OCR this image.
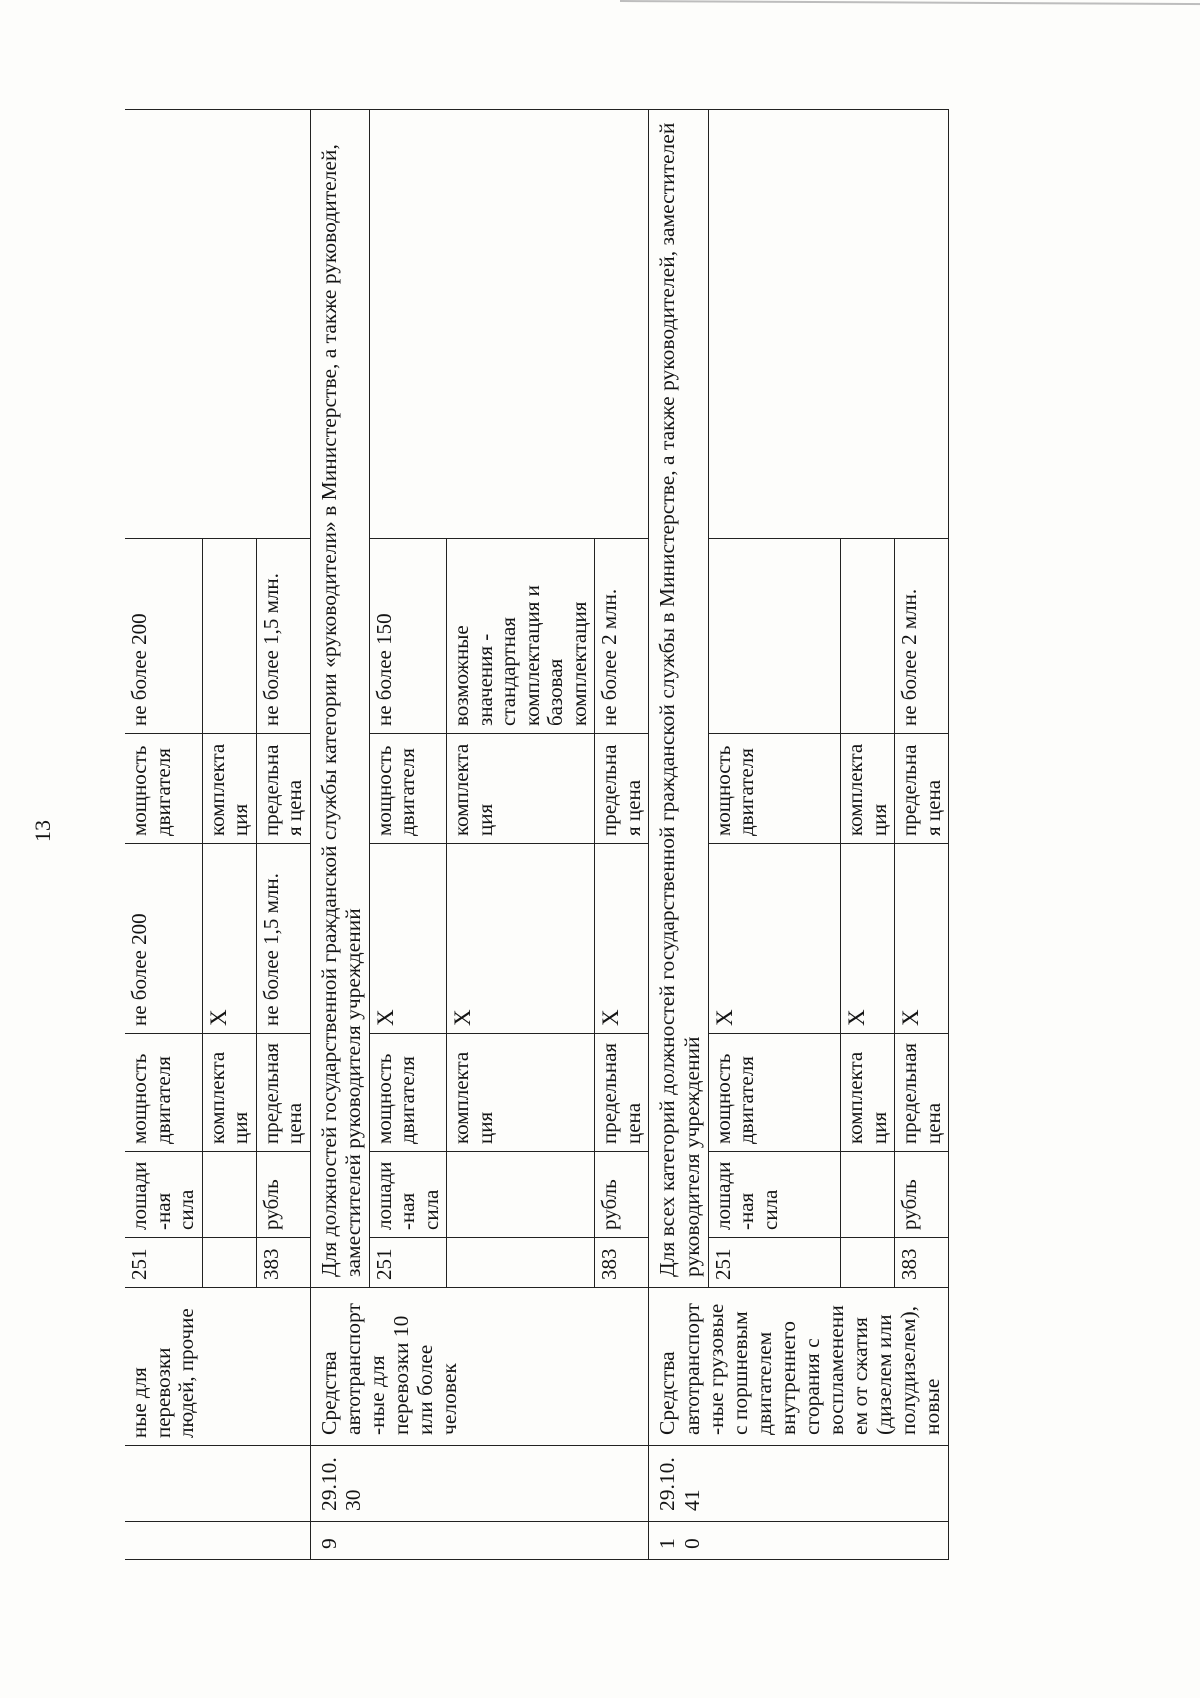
13
		ные для перевозки людей, прочие	251	лошади-ная сила	мощность двигателя	не более 200	мощность двигателя	не более 200	
					комплектация	X	комплектация		
			383	рубль	предельная цена	не более 1,5 млн.	предельная цена	не более 1,5 млн.	
9	29.10.30	Средства автотранспорт-ные для перевозки 10 или более человек	Для должностей государственной гражданской службы категории «руководители» в Министерстве, а также руководителей, заместителей руководителя учреждений						
			251	лошади-ная сила	мощность двигателя	X	мощность двигателя	не более 150	
					комплектация	X	комплектация	возможные значения - стандартная комплектация и базовая комплектация	
			383	рубль	предельная цена	X	предельная цена	не более 2 млн.	
10	29.10.41	Средства автотранспорт-ные грузовые с поршневым двигателем внутреннего сгорания с воспламенением от сжатия (дизелем или полудизелем), новые	Для всех категорий должностей государственной гражданской службы в Министерстве, а также руководителей, заместителей руководителя учреждений						
			251	лошади-ная сила	мощность двигателя	X	мощность двигателя		
					комплектация	X	комплектация		
			383	рубль	предельная цена	X	предельная цена	не более 2 млн.	
